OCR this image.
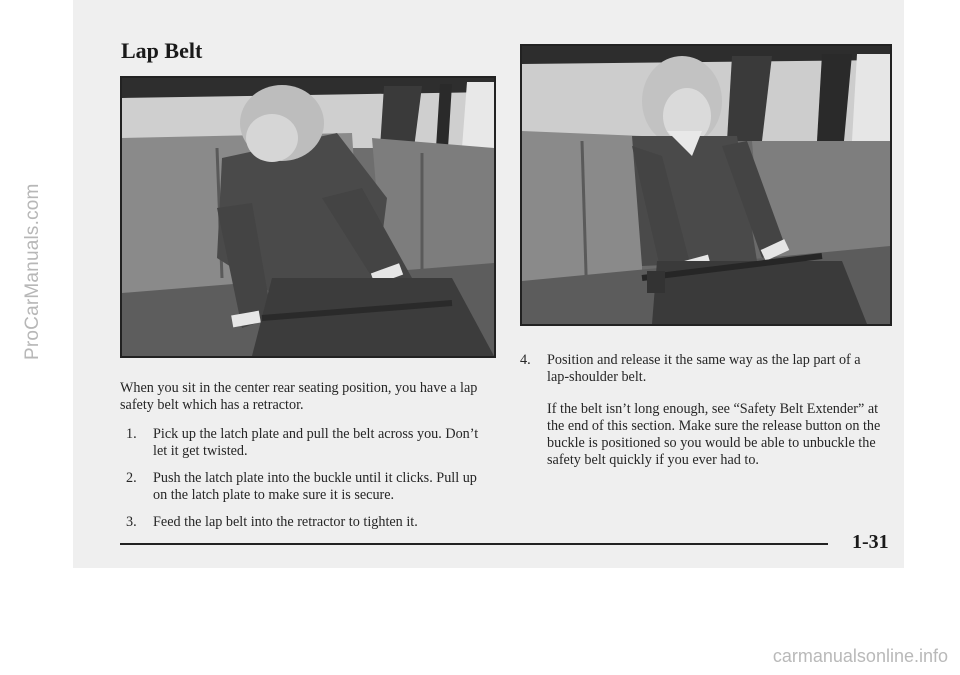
ProCarManuals.com
carmanualsonline.info
Lap Belt

When you sit in the center rear seating position, you have a lap safety belt which has a retractor.

1. Pick up the latch plate and pull the belt across you. Don’t let it get twisted.
2. Push the latch plate into the buckle until it clicks. Pull up on the latch plate to make sure it is secure.
3. Feed the lap belt into the retractor to tighten it.
4. Position and release it the same way as the lap part of a lap-shoulder belt.

If the belt isn’t long enough, see “Safety Belt Extender” at the end of this section. Make sure the release button on the buckle is positioned so you would be able to unbuckle the safety belt quickly if you ever had to.

1-31
